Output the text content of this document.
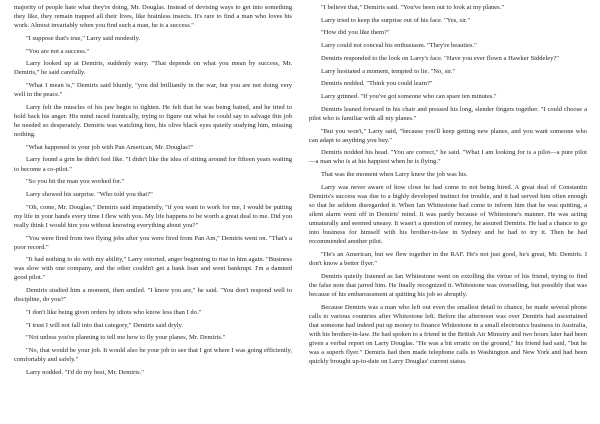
majority of people hate what they're doing, Mr. Douglas. Instead of devising ways to get into something they like, they remain trapped all their lives, like brainless insects. It's rare to find a man who loves his work. Almost invariably when you find such a man, he is a success."

"I suppose that's true," Larry said modestly.

"You are not a success."

Larry looked up at Demiris, suddenly wary. "That depends on what you mean by success, Mr. Demiris," he said carefully.

"What I mean is," Demiris said bluntly, "you did brilliantly in the war, but you are not doing very well in the peace."

Larry felt the muscles of his jaw begin to tighten. He felt that he was being baited, and he tried to hold back his anger. His mind raced frantically, trying to figure out what he could say to salvage this job he needed so desperately. Demiris was watching him, his olive black eyes quietly studying him, missing nothing.

"What happened to your job with Pan American, Mr. Douglas?"

Larry found a grin he didn't feel like. "I didn't like the idea of sitting around for fifteen years waiting to become a co-pilot."

"So you hit the man you worked for."

Larry showed his surprise. "Who told you that?"

"Oh, come, Mr. Douglas," Demiris said impatiently, "if you want to work for me, I would be putting my life in your hands every time I flew with you. My life happens to be worth a great deal to me. Did you really think I would hire you without knowing everything about you?"

"You were fired from two flying jobs after you were fired from Pan Am," Demiris went on. "That's a poor record."

"It had nothing to do with my ability," Larry retorted, anger beginning to rise in him again. "Business was slow with one company, and the other couldn't get a bank loan and went bankrupt. I'm a damned good pilot."

Demiris studied him a moment, then smiled. "I know you are," he said. "You don't respond well to discipline, do you?"

"I don't like being given orders by idiots who know less than I do."

"I trust I will not fall into that category," Demiris said dryly.

"Not unless you're planning to tell me how to fly your planes, Mr. Demiris."

"No, that would be your job. It would also be your job to see that I got where I was going efficiently, comfortably and safely."

Larry nodded. "I'd do my best, Mr. Demiris."

"I believe that," Demiris said. "You've been out to look at my planes."

Larry tried to keep the surprise out of his face. "Yes, sir."

"How did you like them?"

Larry could not conceal his enthusiasm. "They're beauties."

Demiris responded to the look on Larry's face. "Have you ever flown a Hawker Siddeley?"

Larry hesitated a moment, tempted to lie. "No, sir."

Demiris nodded. "Think you could learn?"

Larry grinned. "If you've got someone who can spare ten minutes."

Demiris leaned forward in his chair and pressed his long, slender fingers together. "I could choose a pilot who is familiar with all my planes."

"But you won't," Larry said, "because you'll keep getting new planes, and you want someone who can adapt to anything you buy."

Demiris nodded his head. "You are correct," he said. "What I am looking for is a pilot—a pure pilot—a man who is at his happiest when he is flying."

That was the moment when Larry knew the job was his.

Larry was never aware of how close he had come to not being hired. A great deal of Constantin Demiris's success was due to a highly developed instinct for trouble, and it had served him often enough so that he seldom disregarded it. When Ian Whitestone had come to inform him that he was quitting, a silent alarm went off in Demiris' mind. It was partly because of Whitestone's manner. He was acting unnaturally and seemed uneasy. It wasn't a question of money, he assured Demiris. He had a chance to go into business for himself with his brother-in-law in Sydney and he had to try it. Then he had recommended another pilot.

"He's an American, but we flew together in the RAF. He's not just good, he's great, Mr. Demiris. I don't know a better flyer."

Demiris quietly listened as Ian Whitestone went on extolling the virtue of his friend, trying to find the false note that jarred him. He finally recognized it. Whitestone was overselling, but possibly that was because of his embarrassment at quitting his job so abruptly.

Because Demiris was a man who left out even the smallest detail to chance, he made several phone calls to various countries after Whitestone left. Before the afternoon was over Demiris had ascertained that someone had indeed put up money to finance Whitestone in a small electronics business in Australia, with his brother-in-law. He had spoken to a friend in the British Air Ministry and two hours later had been given a verbal report on Larry Douglas. "He was a bit erratic on the ground," his friend had said, "but he was a superb flyer." Demiris had then made telephone calls to Washington and New York and had been quickly brought up-to-date on Larry Douglas' current status.
